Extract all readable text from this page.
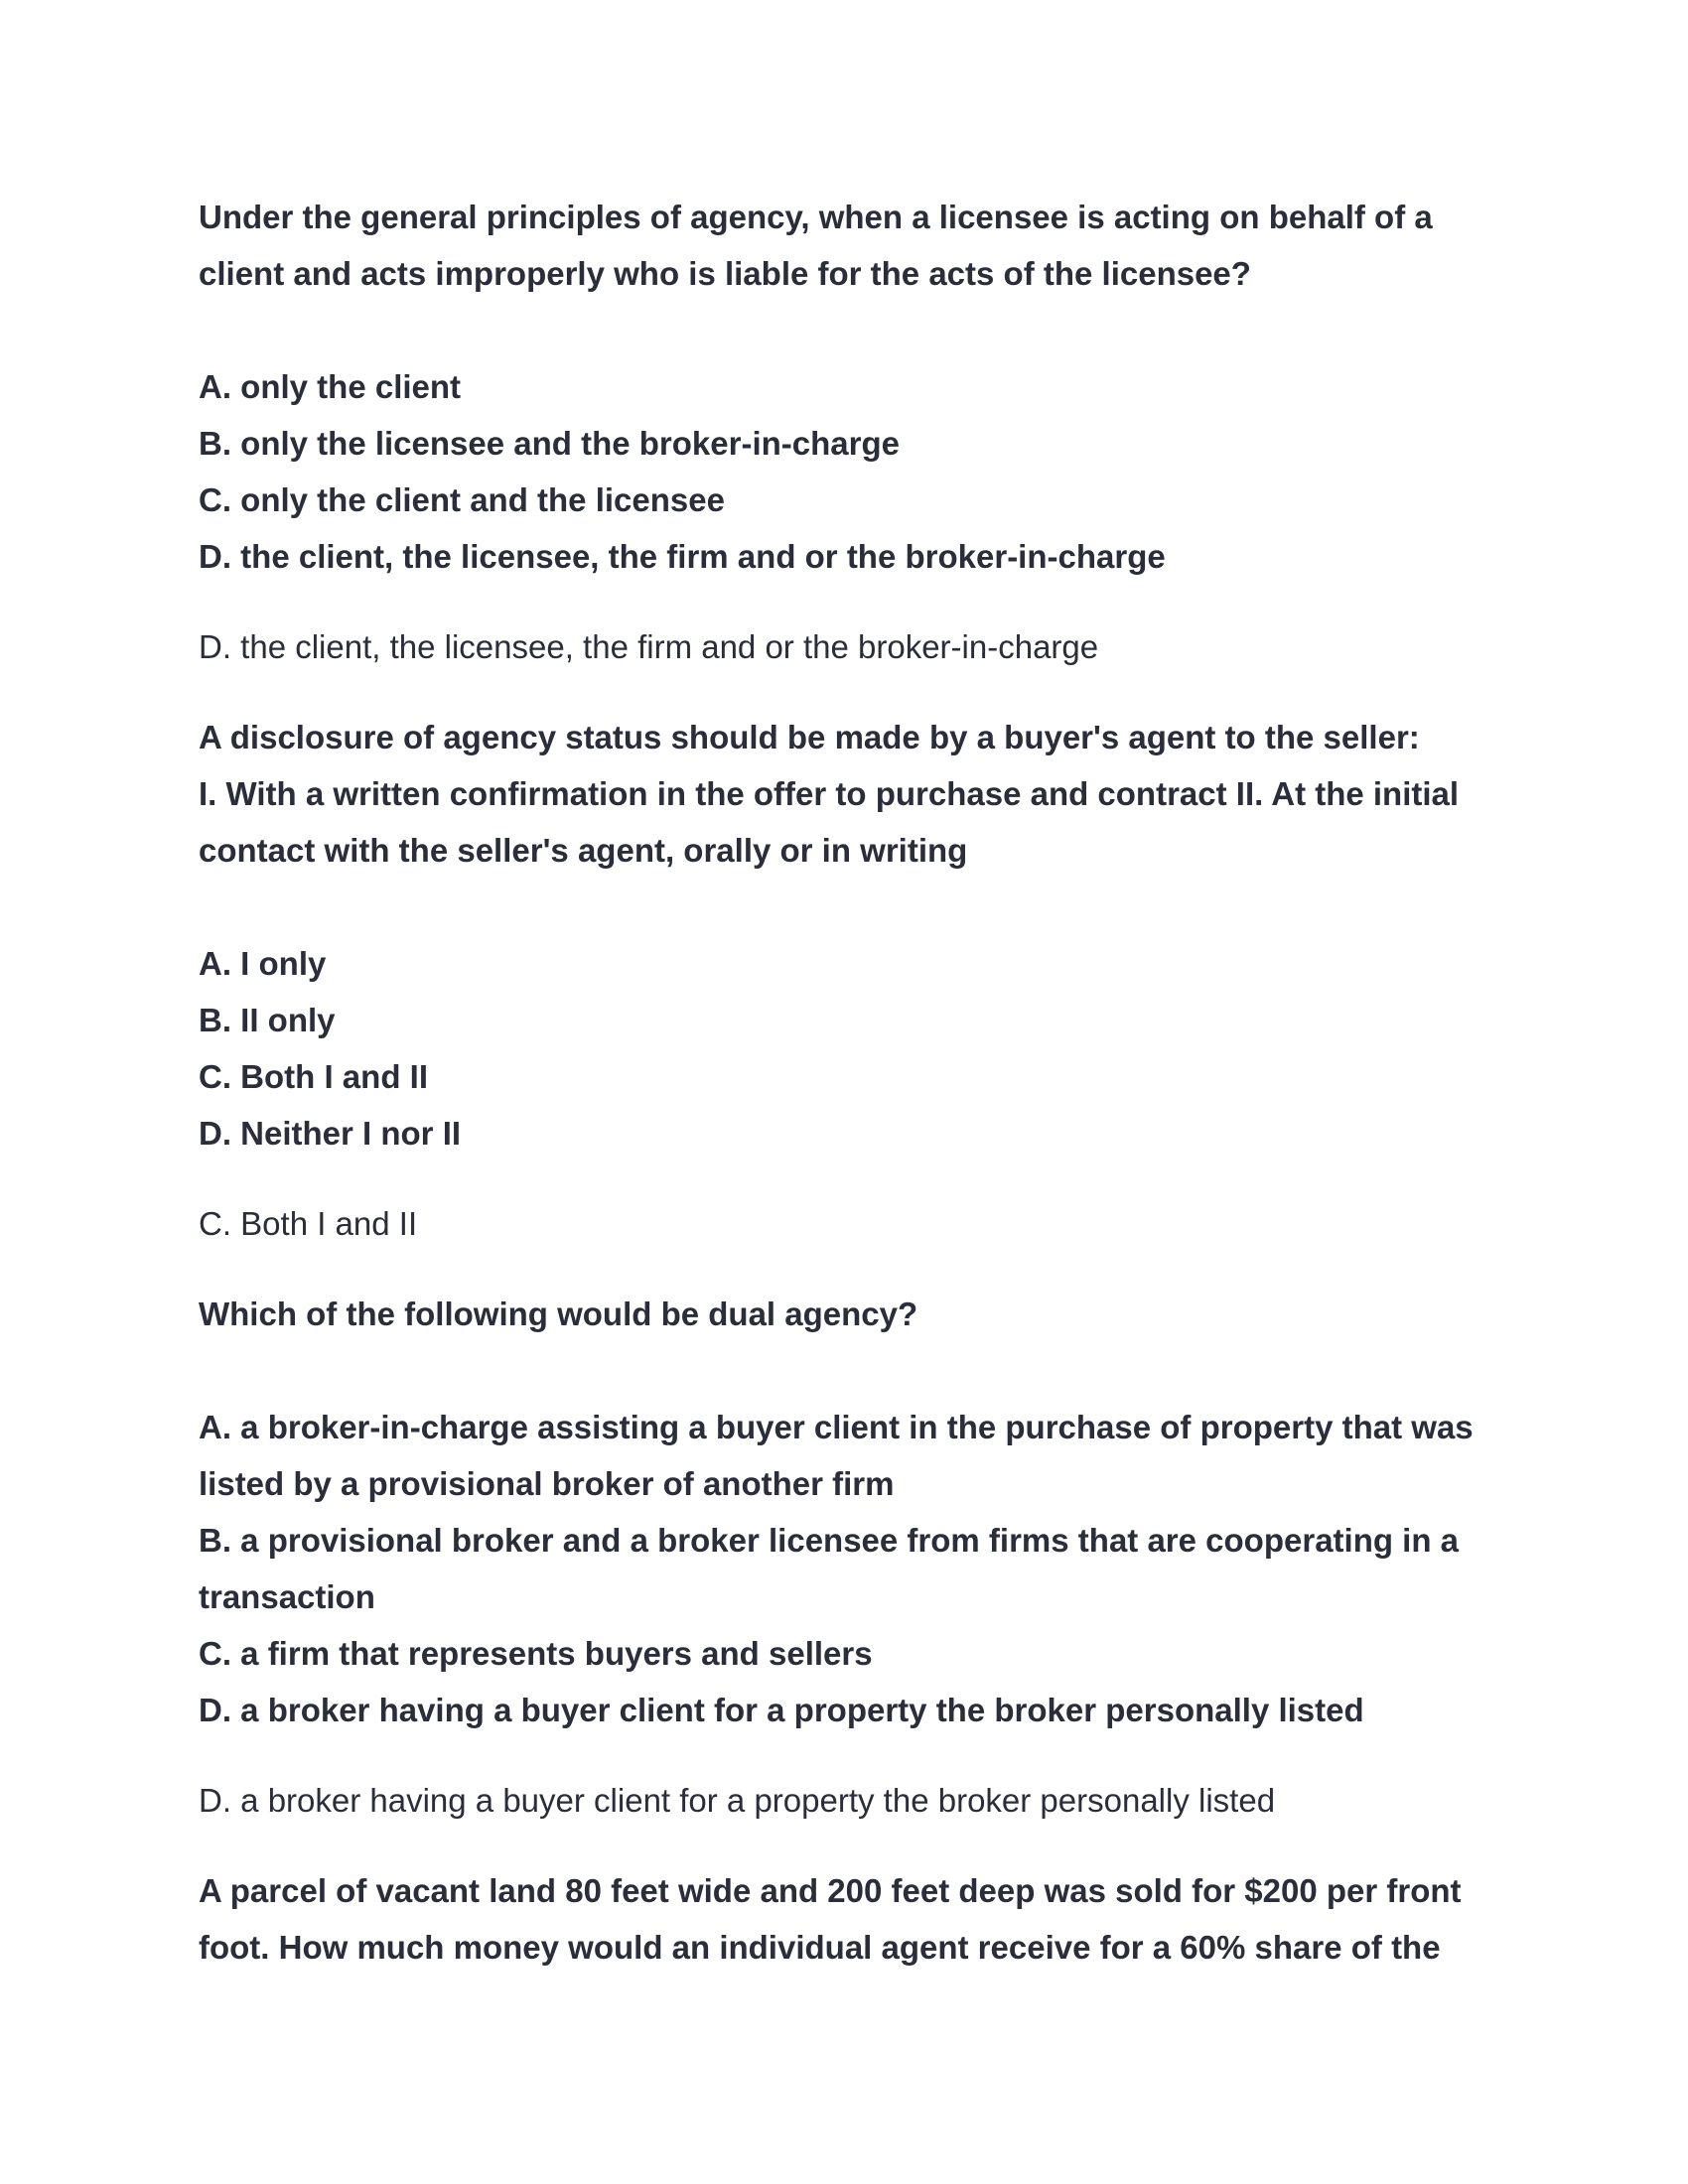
Under the general principles of agency, when a licensee is acting on behalf of a client and acts improperly who is liable for the acts of the licensee?

A. only the client
B. only the licensee and the broker-in-charge
C. only the client and the licensee
D. the client, the licensee, the firm and or the broker-in-charge

D. the client, the licensee, the firm and or the broker-in-charge

A disclosure of agency status should be made by a buyer's agent to the seller:
I. With a written confirmation in the offer to purchase and contract II. At the initial contact with the seller's agent, orally or in writing

A. I only
B. II only
C. Both I and II
D. Neither I nor II

C. Both I and II

Which of the following would be dual agency?

A. a broker-in-charge assisting a buyer client in the purchase of property that was listed by a provisional broker of another firm
B. a provisional broker and a broker licensee from firms that are cooperating in a transaction
C. a firm that represents buyers and sellers
D. a broker having a buyer client for a property the broker personally listed

D. a broker having a buyer client for a property the broker personally listed

A parcel of vacant land 80 feet wide and 200 feet deep was sold for $200 per front foot. How much money would an individual agent receive for a 60% share of the
